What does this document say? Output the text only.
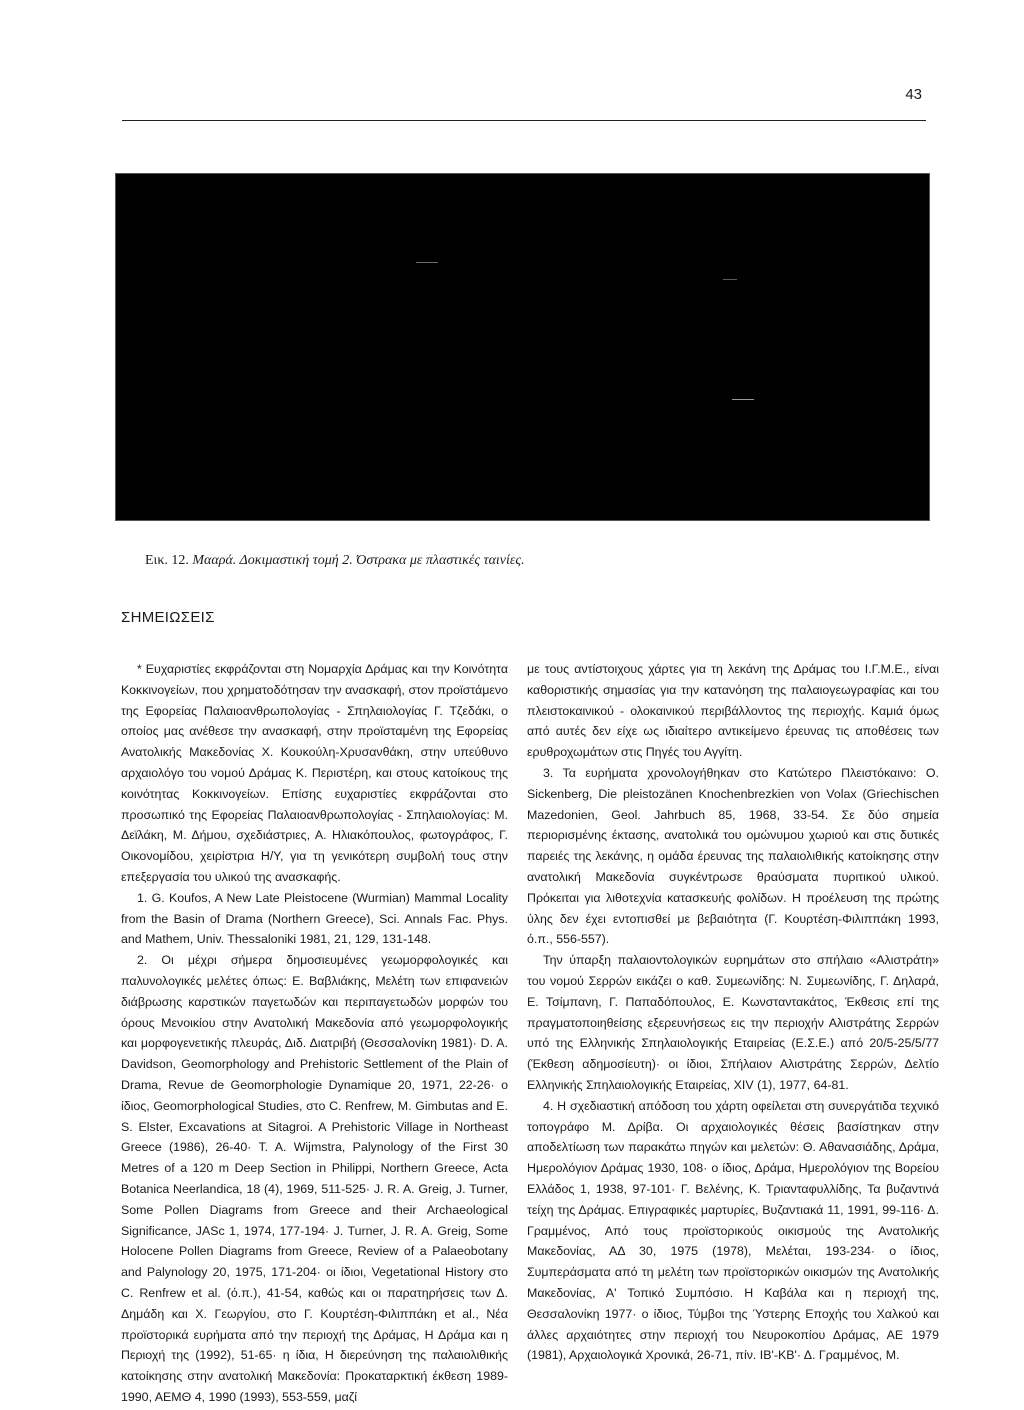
43
Εικ. 12. Μααρά. Δοκιμαστική τομή 2. Όστρακα με πλαστικές ταινίες.
ΣΗΜΕΙΩΣΕΙΣ

* Ευχαριστίες εκφράζονται στη Νομαρχία Δράμας και την Κοινότητα Κοκκινογείων, που χρηματοδότησαν την ανασκαφή, στον προϊστάμενο της Εφορείας Παλαιοανθρωπολογίας - Σπηλαιολογίας Γ. Τζεδάκι, ο οποίος μας ανέθεσε την ανασκαφή, στην προϊσταμένη της Εφορείας Ανατολικής Μακεδονίας Χ. Κουκούλη-Χρυσανθάκη, στην υπεύθυνο αρχαιολόγο του νομού Δράμας Κ. Περιστέρη, και στους κατοίκους της κοινότητας Κοκκινογείων. Επίσης ευχαριστίες εκφράζονται στο προσωπικό της Εφορείας Παλαιοανθρωπολογίας - Σπηλαιολογίας: Μ. Δεϊλάκη, Μ. Δήμου, σχεδιάστριες, Α. Ηλιακόπουλος, φωτογράφος, Γ. Οικονομίδου, χειρίστρια Η/Υ, για τη γενικότερη συμβολή τους στην επεξεργασία του υλικού της ανασκαφής.

1. G. Koufos, A New Late Pleistocene (Wurmian) Mammal Locality from the Basin of Drama (Northern Greece), Sci. Annals Fac. Phys. and Mathem, Univ. Thessaloniki 1981, 21, 129, 131-148.

2. Οι μέχρι σήμερα δημοσιευμένες γεωμορφολογικές και παλυνολογικές μελέτες όπως: Ε. Βαβλιάκης, Μελέτη των επιφανειών διάβρωσης καρστικών παγετωδών και περιπαγετωδών μορφών του όρους Μενοικίου στην Ανατολική Μακεδονία από γεωμορφολογικής και μορφογενετικής πλευράς, Διδ. Διατριβή (Θεσσαλονίκη 1981)· D. A. Davidson, Geomorphology and Prehistoric Settlement of the Plain of Drama, Revue de Geomorphologie Dynamique 20, 1971, 22-26· ο ίδιος, Geomorphological Studies, στο C. Renfrew, M. Gimbutas and E. S. Elster, Excavations at Sitagroi. A Prehistoric Village in Northeast Greece (1986), 26-40· T. A. Wijmstra, Palynology of the First 30 Metres of a 120 m Deep Section in Philippi, Northern Greece, Acta Botanica Neerlandica, 18 (4), 1969, 511-525· J. R. A. Greig, J. Turner, Some Pollen Diagrams from Greece and their Archaeological Significance, JASc 1, 1974, 177-194· J. Turner, J. R. A. Greig, Some Holocene Pollen Diagrams from Greece, Review of a Palaeobotany and Palynology 20, 1975, 171-204· οι ίδιοι, Vegetational History στο C. Renfrew et al. (ό.π.), 41-54, καθώς και οι παρατηρήσεις των Δ. Δημάδη και Χ. Γεωργίου, στο Γ. Κουρτέση-Φιλιππάκη et al., Νέα προϊστορικά ευρήματα από την περιοχή της Δράμας, Η Δράμα και η Περιοχή της (1992), 51-65· η ίδια, Η διερεύνηση της παλαιολιθικής κατοίκησης στην ανατολική Μακεδονία: Προκαταρκτική έκθεση 1989-1990, ΑΕΜΘ 4, 1990 (1993), 553-559, μαζί

με τους αντίστοιχους χάρτες για τη λεκάνη της Δράμας του Ι.Γ.Μ.Ε., είναι καθοριστικής σημασίας για την κατανόηση της παλαιογεωγραφίας και του πλειστοκαινικού - ολοκαινικού περιβάλλοντος της περιοχής. Καμιά όμως από αυτές δεν είχε ως ιδιαίτερο αντικείμενο έρευνας τις αποθέσεις των ερυθροχωμάτων στις Πηγές του Αγγίτη.

3. Τα ευρήματα χρονολογήθηκαν στο Κατώτερο Πλειστόκαινο: O. Sickenberg, Die pleistozänen Knochenbrezkien von Volax (Griechischen Mazedonien, Geol. Jahrbuch 85, 1968, 33-54. Σε δύο σημεία περιορισμένης έκτασης, ανατολικά του ομώνυμου χωριού και στις δυτικές παρειές της λεκάνης, η ομάδα έρευνας της παλαιολιθικής κατοίκησης στην ανατολική Μακεδονία συγκέντρωσε θραύσματα πυριτικού υλικού. Πρόκειται για λιθοτεχνία κατασκευής φολίδων. Η προέλευση της πρώτης ύλης δεν έχει εντοπισθεί με βεβαιότητα (Γ. Κουρτέση-Φιλιππάκη 1993, ό.π., 556-557).

Την ύπαρξη παλαιοντολογικών ευρημάτων στο σπήλαιο «Αλιστράτη» του νομού Σερρών εικάζει ο καθ. Συμεωνίδης: Ν. Συμεωνίδης, Γ. Δηλαρά, Ε. Τσίμπανη, Γ. Παπαδόπουλος, Ε. Κωνσταντακάτος, Έκθεσις επί της πραγματοποιηθείσης εξερευνήσεως εις την περιοχήν Αλιστράτης Σερρών υπό της Ελληνικής Σπηλαιολογικής Εταιρείας (Ε.Σ.Ε.) από 20/5-25/5/77 (Έκθεση αδημοσίευτη)· οι ίδιοι, Σπήλαιον Αλιστράτης Σερρών, Δελτίο Ελληνικής Σπηλαιολογικής Εταιρείας, XIV (1), 1977, 64-81.

4. Η σχεδιαστική απόδοση του χάρτη οφείλεται στη συνεργάτιδα τεχνικό τοπογράφο Μ. Δρίβα. Οι αρχαιολογικές θέσεις βασίστηκαν στην αποδελτίωση των παρακάτω πηγών και μελετών: Θ. Αθανασιάδης, Δράμα, Ημερολόγιον Δράμας 1930, 108· ο ίδιος, Δράμα, Ημερολόγιον της Βορείου Ελλάδος 1, 1938, 97-101· Γ. Βελένης, Κ. Τριανταφυλλίδης, Τα βυζαντινά τείχη της Δράμας. Επιγραφικές μαρτυρίες, Βυζαντιακά 11, 1991, 99-116· Δ. Γραμμένος, Από τους προϊστορικούς οικισμούς της Ανατολικής Μακεδονίας, ΑΔ 30, 1975 (1978), Μελέται, 193-234· ο ίδιος, Συμπεράσματα από τη μελέτη των προϊστορικών οικισμών της Ανατολικής Μακεδονίας, Α' Τοπικό Συμπόσιο. Η Καβάλα και η περιοχή της, Θεσσαλονίκη 1977· ο ίδιος, Τύμβοι της Ύστερης Εποχής του Χαλκού και άλλες αρχαιότητες στην περιοχή του Νευροκοπίου Δράμας, ΑΕ 1979 (1981), Αρχαιολογικά Χρονικά, 26-71, πίν. ΙΒ'-ΚΒ'· Δ. Γραμμένος, Μ.
